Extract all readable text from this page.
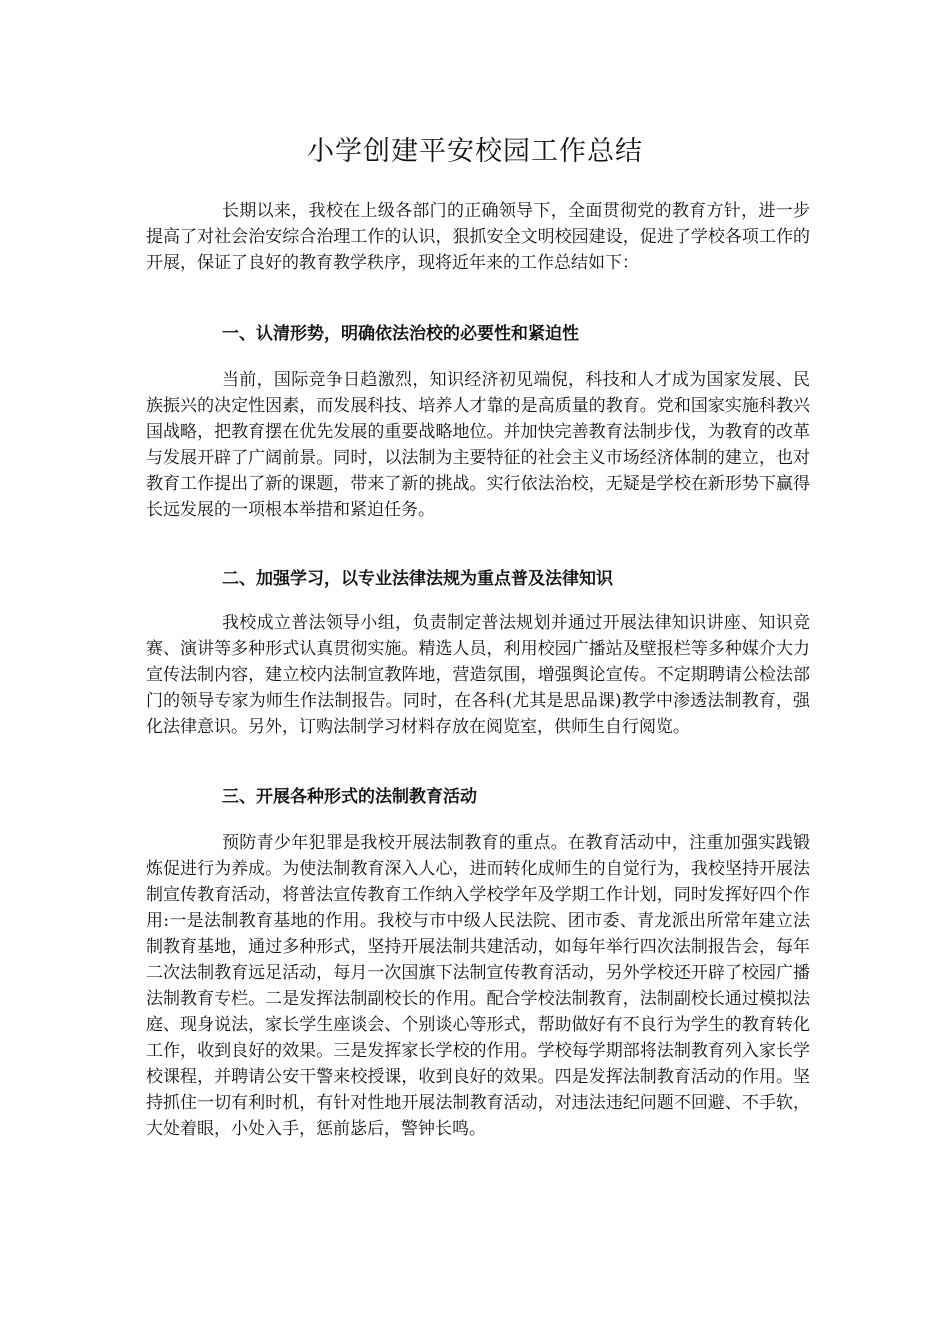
小学创建平安校园工作总结

长期以来，我校在上级各部门的正确领导下，全面贯彻党的教育方针，进一步提高了对社会治安综合治理工作的认识，狠抓安全文明校园建设，促进了学校各项工作的开展，保证了良好的教育教学秩序，现将近年来的工作总结如下：

一、认清形势，明确依法治校的必要性和紧迫性

当前，国际竞争日趋激烈，知识经济初见端倪，科技和人才成为国家发展、民族振兴的决定性因素，而发展科技、培养人才靠的是高质量的教育。党和国家实施科教兴国战略，把教育摆在优先发展的重要战略地位。并加快完善教育法制步伐，为教育的改革与发展开辟了广阔前景。同时，以法制为主要特征的社会主义市场经济体制的建立，也对教育工作提出了新的课题，带来了新的挑战。实行依法治校，无疑是学校在新形势下赢得长远发展的一项根本举措和紧迫任务。

二、加强学习，以专业法律法规为重点普及法律知识

我校成立普法领导小组，负责制定普法规划并通过开展法律知识讲座、知识竞赛、演讲等多种形式认真贯彻实施。精选人员，利用校园广播站及壁报栏等多种媒介大力宣传法制内容，建立校内法制宣教阵地，营造氛围，增强舆论宣传。不定期聘请公检法部门的领导专家为师生作法制报告。同时，在各科(尤其是思品课)教学中渗透法制教育，强化法律意识。另外，订购法制学习材料存放在阅览室，供师生自行阅览。

三、开展各种形式的法制教育活动

预防青少年犯罪是我校开展法制教育的重点。在教育活动中，注重加强实践锻炼促进行为养成。为使法制教育深入人心，进而转化成师生的自觉行为，我校坚持开展法制宣传教育活动，将普法宣传教育工作纳入学校学年及学期工作计划，同时发挥好四个作用:一是法制教育基地的作用。我校与市中级人民法院、团市委、青龙派出所常年建立法制教育基地，通过多种形式，坚持开展法制共建活动，如每年举行四次法制报告会，每年二次法制教育远足活动，每月一次国旗下法制宣传教育活动，另外学校还开辟了校园广播法制教育专栏。二是发挥法制副校长的作用。配合学校法制教育，法制副校长通过模拟法庭、现身说法，家长学生座谈会、个别谈心等形式，帮助做好有不良行为学生的教育转化工作，收到良好的效果。三是发挥家长学校的作用。学校每学期部将法制教育列入家长学校课程，并聘请公安干警来校授课，收到良好的效果。四是发挥法制教育活动的作用。坚持抓住一切有利时机，有针对性地开展法制教育活动，对违法违纪问题不回避、不手软，大处着眼，小处入手，惩前毖后，警钟长鸣。
